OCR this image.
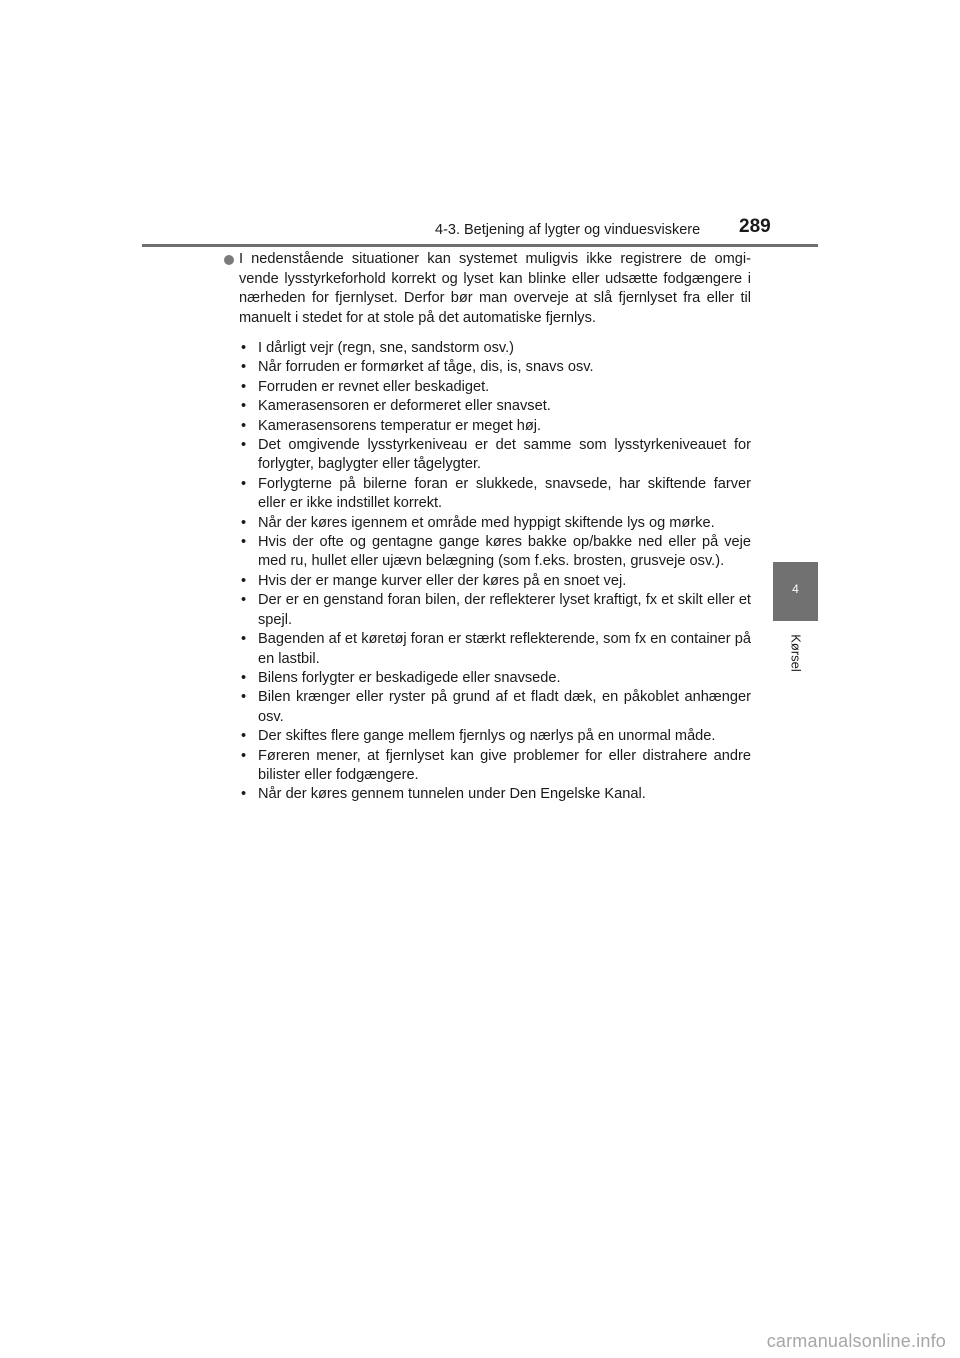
4-3. Betjening af lygter og vinduesviskere 289
4
Kørsel

I nedenstående situationer kan systemet muligvis ikke registrere de omgi-vende lysstyrkeforhold korrekt og lyset kan blinke eller udsætte fodgængere i nærheden for fjernlyset. Derfor bør man overveje at slå fjernlyset fra eller til manuelt i stedet for at stole på det automatiske fjernlys.

• I dårligt vejr (regn, sne, sandstorm osv.)
• Når forruden er formørket af tåge, dis, is, snavs osv.
• Forruden er revnet eller beskadiget.
• Kamerasensoren er deformeret eller snavset.
• Kamerasensorens temperatur er meget høj.
• Det omgivende lysstyrkeniveau er det samme som lysstyrkeniveauet for forlygter, baglygter eller tågelygter.
• Forlygterne på bilerne foran er slukkede, snavsede, har skiftende farver eller er ikke indstillet korrekt.
• Når der køres igennem et område med hyppigt skiftende lys og mørke.
• Hvis der ofte og gentagne gange køres bakke op/bakke ned eller på veje med ru, hullet eller ujævn belægning (som f.eks. brosten, grusveje osv.).
• Hvis der er mange kurver eller der køres på en snoet vej.
• Der er en genstand foran bilen, der reflekterer lyset kraftigt, fx et skilt eller et spejl.
• Bagenden af et køretøj foran er stærkt reflekterende, som fx en container på en lastbil.
• Bilens forlygter er beskadigede eller snavsede.
• Bilen krænger eller ryster på grund af et fladt dæk, en påkoblet anhænger osv.
• Der skiftes flere gange mellem fjernlys og nærlys på en unormal måde.
• Føreren mener, at fjernlyset kan give problemer for eller distrahere andre bilister eller fodgængere.
• Når der køres gennem tunnelen under Den Engelske Kanal.
carmanualsonline.info
